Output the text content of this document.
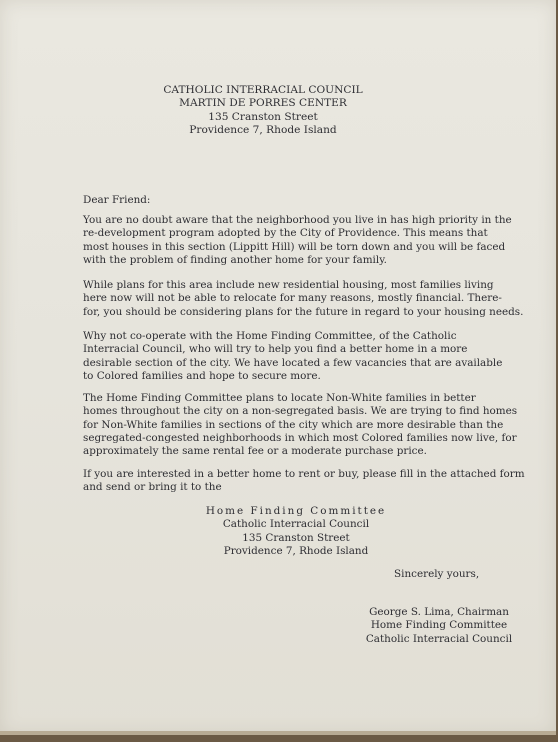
CATHOLIC INTERRACIAL COUNCIL
MARTIN DE PORRES CENTER
135 Cranston Street
Providence 7, Rhode Island
Dear Friend:

You are no doubt aware that the neighborhood you live in has high priority in the
re-development program adopted by the City of Providence. This means that
most houses in this section (Lippitt Hill) will be torn down and you will be faced
with the problem of finding another home for your family.

While plans for this area include new residential housing, most families living
here now will not be able to relocate for many reasons, mostly financial. There-
for, you should be considering plans for the future in regard to your housing needs.

Why not co-operate with the Home Finding Committee, of the Catholic
Interracial Council, who will try to help you find a better home in a more
desirable section of the city. We have located a few vacancies that are available
to Colored families and hope to secure more.

The Home Finding Committee plans to locate Non-White families in better
homes throughout the city on a non-segregated basis. We are trying to find homes
for Non-White families in sections of the city which are more desirable than the
segregated-congested neighborhoods in which most Colored families now live, for
approximately the same rental fee or a moderate purchase price.

If you are interested in a better home to rent or buy, please fill in the attached form
and send or bring it to the

Home Finding Committee
Catholic Interracial Council
135 Cranston Street
Providence 7, Rhode Island
Sincerely yours,
George S. Lima, Chairman
Home Finding Committee
Catholic Interracial Council
